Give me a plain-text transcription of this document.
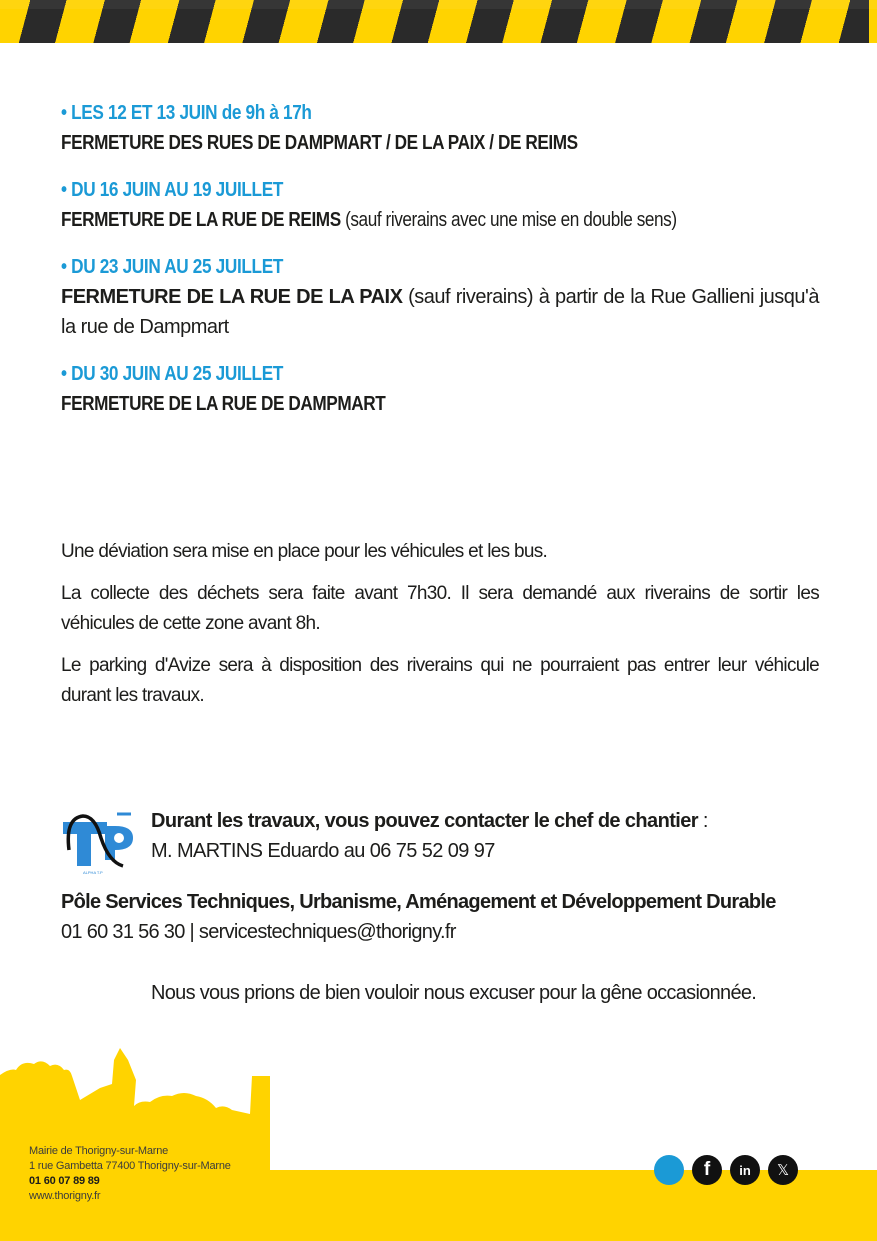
• LES 12 ET 13 JUIN de 9h à 17h
FERMETURE DES RUES DE DAMPMART / DE LA PAIX / DE REIMS
• DU 16 JUIN AU 19 JUILLET
FERMETURE DE LA RUE DE REIMS (sauf riverains avec une mise en double sens)
• DU 23 JUIN AU 25 JUILLET
FERMETURE DE LA RUE DE LA PAIX (sauf riverains) à partir de la Rue Gallieni jusqu'à la rue de Dampmart
• DU 30 JUIN AU 25 JUILLET
FERMETURE DE LA RUE DE DAMPMART

Une déviation sera mise en place pour les véhicules et les bus.

La collecte des déchets sera faite avant 7h30. Il sera demandé aux riverains de sortir les véhicules de cette zone avant 8h.

Le parking d'Avize sera à disposition des riverains qui ne pourraient pas entrer leur véhicule durant les travaux.

ALPHA T.P
Durant les travaux, vous pouvez contacter le chef de chantier :
M. MARTINS Eduardo au 06 75 52 09 97
Pôle Services Techniques, Urbanisme, Aménagement et Développement Durable
01 60 31 56 30 | servicestechniques@thorigny.fr
Nous vous prions de bien vouloir nous excuser pour la gêne occasionnée.
Mairie de Thorigny-sur-Marne
1 rue Gambetta 77400 Thorigny-sur-Marne
01 60 07 89 89
www.thorigny.fr
f	in	𝕏
